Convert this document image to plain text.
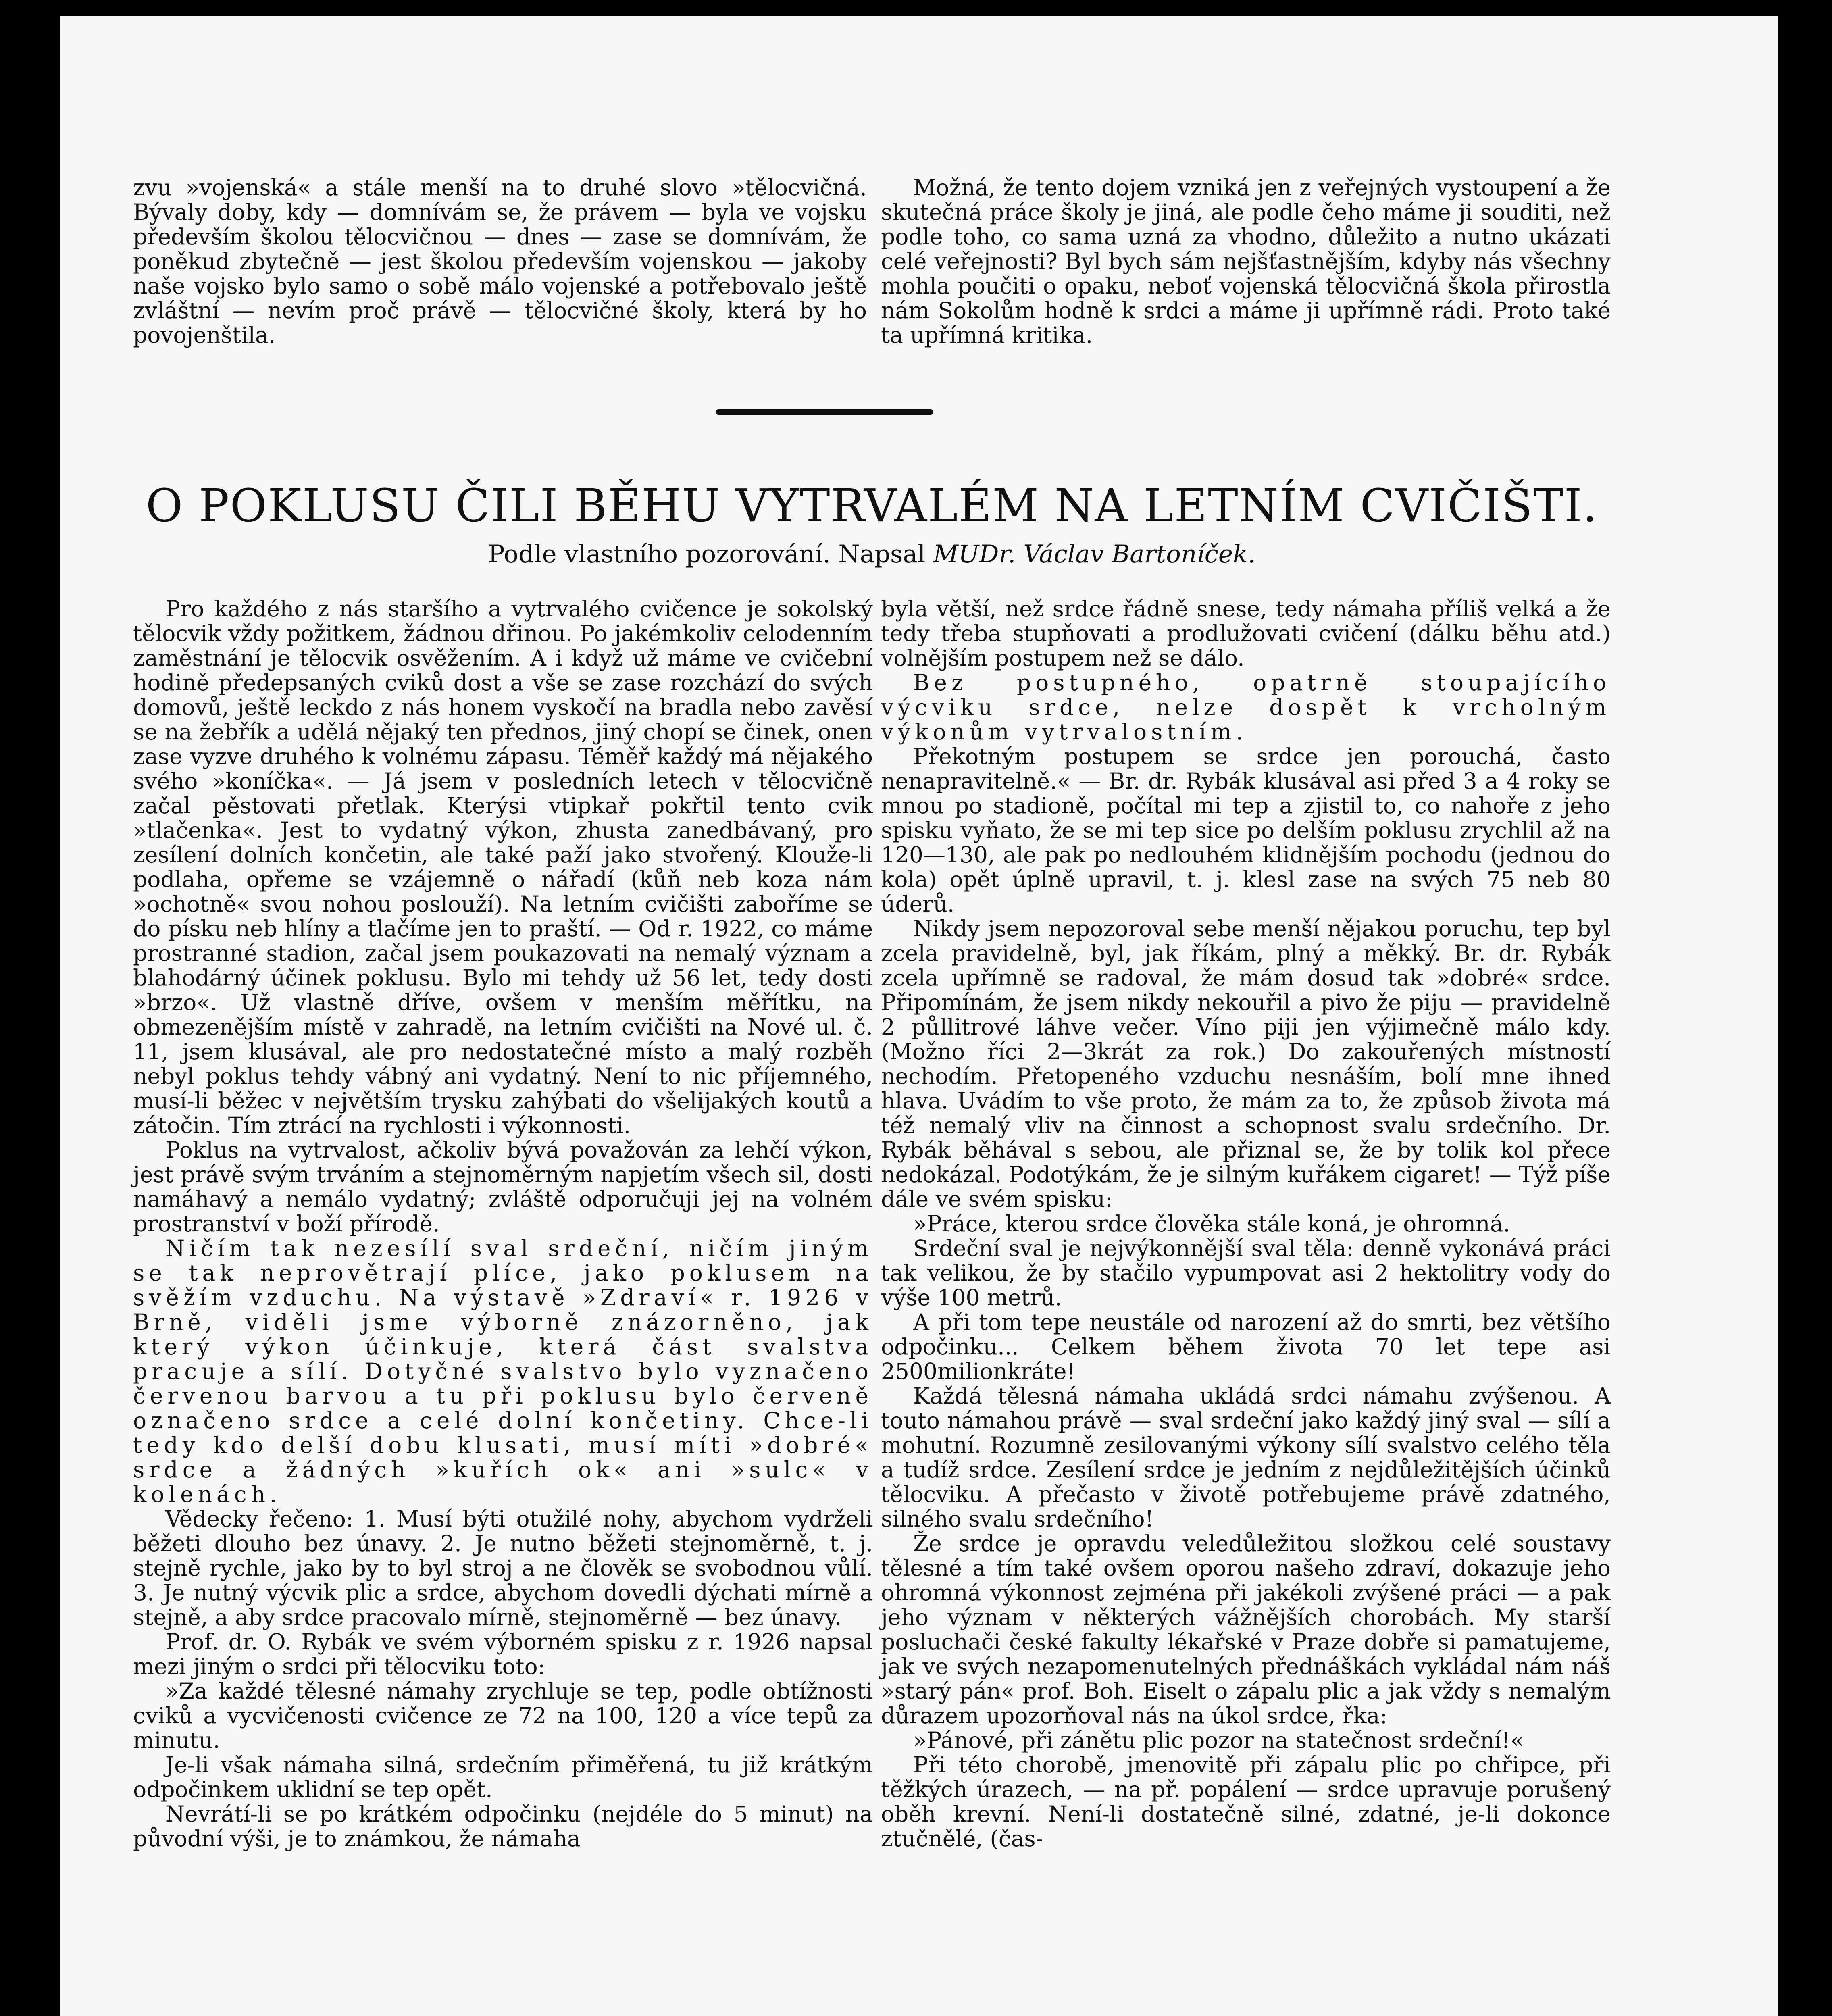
zvu »vojenská« a stále menší na to druhé slovo »tělocvičná. Bývaly doby, kdy — domnívám se, že právem — byla ve vojsku především školou tělocvičnou — dnes — zase se domnívám, že poněkud zbytečně — jest školou především vojenskou — jakoby naše vojsko bylo samo o sobě málo vojenské a potřebovalo ještě zvláštní — nevím proč právě — tělocvičné školy, která by ho povojenštila.

Možná, že tento dojem vzniká jen z veřejných vystoupení a že skutečná práce školy je jiná, ale podle čeho máme ji souditi, než podle toho, co sama uzná za vhodno, důležito a nutno ukázati celé veřejnosti? Byl bych sám nejšťastnějším, kdyby nás všechny mohla poučiti o opaku, neboť vojenská tělocvičná škola přirostla nám Sokolům hodně k srdci a máme ji upřímně rádi. Proto také ta upřímná kritika.

O POKLUSU ČILI BĚHU VYTRVALÉM NA LETNÍM CVIČIŠTI.
Podle vlastního pozorování. Napsal MUDr. Václav Bartoníček.

Pro každého z nás staršího a vytrvalého cvičence je sokolský tělocvik vždy požitkem, žádnou dřinou. Po jakémkoliv celodenním zaměstnání je tělocvik osvěžením. A i když už máme ve cvičební hodině předepsaných cviků dost a vše se zase rozchází do svých domovů, ještě leckdo z nás honem vyskočí na bradla nebo zavěsí se na žebřík a udělá nějaký ten přednos, jiný chopí se činek, onen zase vyzve druhého k volnému zápasu. Téměř každý má nějakého svého »koníčka«. — Já jsem v posledních letech v tělocvičně začal pěstovati přetlak. Kterýsi vtipkař pokřtil tento cvik »tlačenka«. Jest to vydatný výkon, zhusta zanedbávaný, pro zesílení dolních končetin, ale také paží jako stvořený. Klouže-li podlaha, opřeme se vzájemně o nářadí (kůň neb koza nám »ochotně« svou nohou poslouží). Na letním cvičišti zaboříme se do písku neb hlíny a tlačíme jen to praští. — Od r. 1922, co máme prostranné stadion, začal jsem poukazovati na nemalý význam a blahodárný účinek poklusu. Bylo mi tehdy už 56 let, tedy dosti »brzo«. Už vlastně dříve, ovšem v menším měřítku, na obmezenějším místě v zahradě, na letním cvičišti na Nové ul. č. 11, jsem klusával, ale pro nedostatečné místo a malý rozběh nebyl poklus tehdy vábný ani vydatný. Není to nic příjemného, musí-li běžec v největším trysku zahýbati do všelijakých koutů a zátočin. Tím ztrácí na rychlosti i výkonnosti.

Poklus na vytrvalost, ačkoliv bývá považován za lehčí výkon, jest právě svým trváním a stejnoměrným napjetím všech sil, dosti namáhavý a nemálo vydatný; zvláště odporučuji jej na volném prostranství v boží přírodě.

Ničím tak nezesílí sval srdeční, ničím jiným se tak neprovětrají plíce, jako poklusem na svěžím vzduchu. Na výstavě »Zdraví« r. 1926 v Brně, viděli jsme výborně znázorněno, jak který výkon účinkuje, která část svalstva pracuje a sílí. Dotyčné svalstvo bylo vyznačeno červenou barvou a tu při poklusu bylo červeně označeno srdce a celé dolní končetiny. Chce-li tedy kdo delší dobu klusati, musí míti »dobré« srdce a žádných »kuřích ok« ani »sulc« v kolenách.

Vědecky řečeno: 1. Musí býti otužilé nohy, abychom vydrželi běžeti dlouho bez únavy. 2. Je nutno běžeti stejnoměrně, t. j. stejně rychle, jako by to byl stroj a ne člověk se svobodnou vůlí. 3. Je nutný výcvik plic a srdce, abychom dovedli dýchati mírně a stejně, a aby srdce pracovalo mírně, stejnoměrně — bez únavy.

Prof. dr. O. Rybák ve svém výborném spisku z r. 1926 napsal mezi jiným o srdci při tělocviku toto:

»Za každé tělesné námahy zrychluje se tep, podle obtížnosti cviků a vycvičenosti cvičence ze 72 na 100, 120 a více tepů za minutu.

Je-li však námaha silná, srdečním přiměřená, tu již krátkým odpočinkem uklidní se tep opět.

Nevrátí-li se po krátkém odpočinku (nejdéle do 5 minut) na původní výši, je to známkou, že námaha

byla větší, než srdce řádně snese, tedy námaha příliš velká a že tedy třeba stupňovati a prodlužovati cvičení (dálku běhu atd.) volnějším postupem než se dálo.

Bez postupného, opatrně stoupajícího výcviku srdce, nelze dospět k vrcholným výkonům vytrvalostním.

Překotným postupem se srdce jen porouchá, často nenapravitelně.« — Br. dr. Rybák klusával asi před 3 a 4 roky se mnou po stadioně, počítal mi tep a zjistil to, co nahoře z jeho spisku vyňato, že se mi tep sice po delším poklusu zrychlil až na 120—130, ale pak po nedlouhém klidnějším pochodu (jednou do kola) opět úplně upravil, t. j. klesl zase na svých 75 neb 80 úderů.

Nikdy jsem nepozoroval sebe menší nějakou poruchu, tep byl zcela pravidelně, byl, jak říkám, plný a měkký. Br. dr. Rybák zcela upřímně se radoval, že mám dosud tak »dobré« srdce. Připomínám, že jsem nikdy nekouřil a pivo že piju — pravidelně 2 půllitrové láhve večer. Víno piji jen výjimečně málo kdy. (Možno říci 2—3krát za rok.) Do zakouřených místností nechodím. Přetopeného vzduchu nesnáším, bolí mne ihned hlava. Uvádím to vše proto, že mám za to, že způsob života má též nemalý vliv na činnost a schopnost svalu srdečního. Dr. Rybák běhával s sebou, ale přiznal se, že by tolik kol přece nedokázal. Podotýkám, že je silným kuřákem cigaret! — Týž píše dále ve svém spisku:

»Práce, kterou srdce člověka stále koná, je ohromná.

Srdeční sval je nejvýkonnější sval těla: denně vykonává práci tak velikou, že by stačilo vypumpovat asi 2 hektolitry vody do výše 100 metrů.

A při tom tepe neustále od narození až do smrti, bez většího odpočinku... Celkem během života 70 let tepe asi 2500milionkráte!

Každá tělesná námaha ukládá srdci námahu zvýšenou. A touto námahou právě — sval srdeční jako každý jiný sval — sílí a mohutní. Rozumně zesilovanými výkony sílí svalstvo celého těla a tudíž srdce. Zesílení srdce je jedním z nejdůležitějších účinků tělocviku. A přečasto v životě potřebujeme právě zdatného, silného svalu srdečního!

Že srdce je opravdu veledůležitou složkou celé soustavy tělesné a tím také ovšem oporou našeho zdraví, dokazuje jeho ohromná výkonnost zejména při jakékoli zvýšené práci — a pak jeho význam v některých vážnějších chorobách. My starší posluchači české fakulty lékařské v Praze dobře si pamatujeme, jak ve svých nezapomenutelných přednáškách vykládal nám náš »starý pán« prof. Boh. Eiselt o zápalu plic a jak vždy s nemalým důrazem upozorňoval nás na úkol srdce, řka:

»Pánové, při zánětu plic pozor na statečnost srdeční!«

Při této chorobě, jmenovitě při zápalu plic po chřipce, při těžkých úrazech, — na př. popálení — srdce upravuje porušený oběh krevní. Není-li dostatečně silné, zdatné, je-li dokonce ztučnělé, (čas-
